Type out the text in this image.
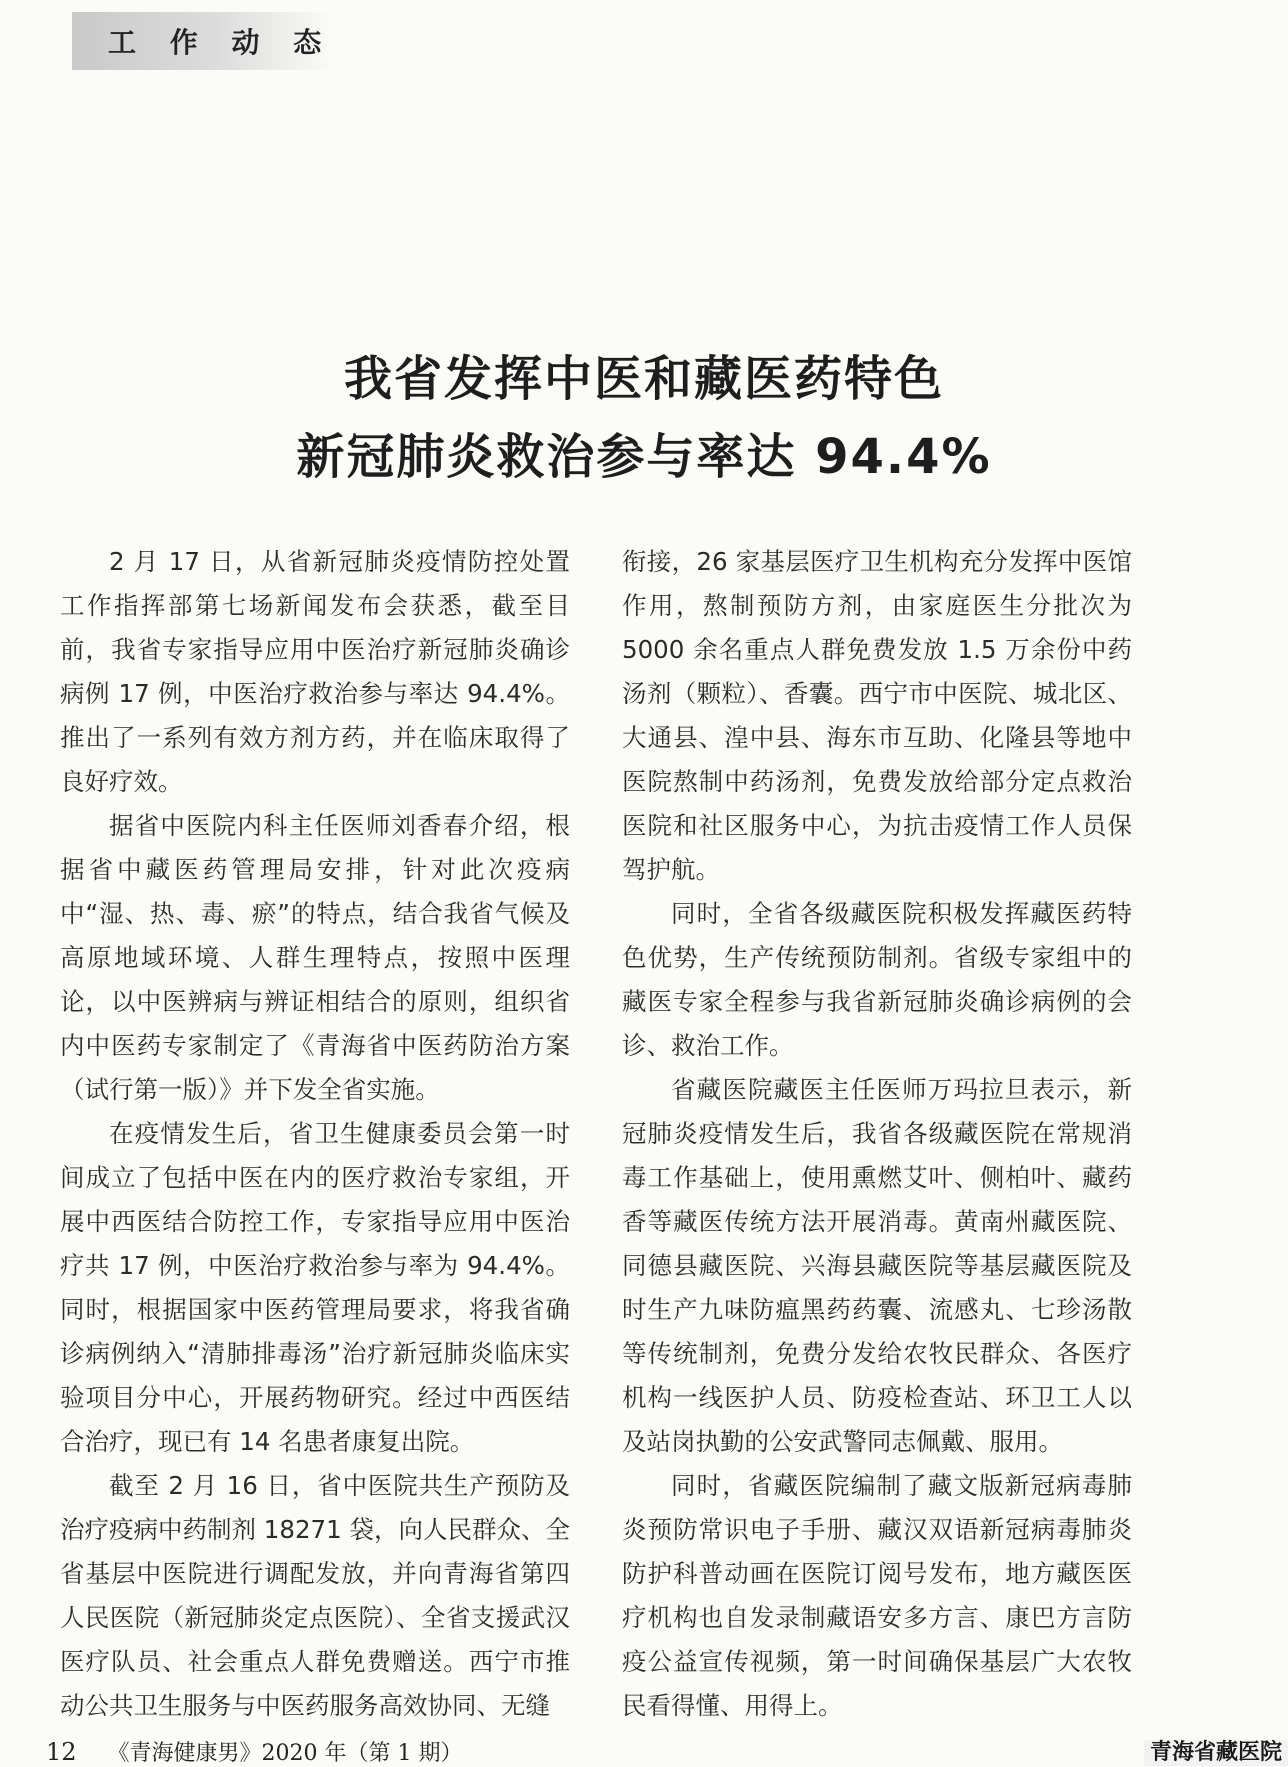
工 作 动 态
我省发挥中医和藏医药特色
新冠肺炎救治参与率达 94.4%

2 月 17 日，从省新冠肺炎疫情防控处置工作指挥部第七场新闻发布会获悉，截至目前，我省专家指导应用中医治疗新冠肺炎确诊病例 17 例，中医治疗救治参与率达 94.4%。推出了一系列有效方剂方药，并在临床取得了良好疗效。

据省中医院内科主任医师刘香春介绍，根据省中藏医药管理局安排，针对此次疫病中“湿、热、毒、瘀”的特点，结合我省气候及高原地域环境、人群生理特点，按照中医理论，以中医辨病与辨证相结合的原则，组织省内中医药专家制定了《青海省中医药防治方案（试行第一版）》并下发全省实施。

在疫情发生后，省卫生健康委员会第一时间成立了包括中医在内的医疗救治专家组，开展中西医结合防控工作，专家指导应用中医治疗共 17 例，中医治疗救治参与率为 94.4%。同时，根据国家中医药管理局要求，将我省确诊病例纳入“清肺排毒汤”治疗新冠肺炎临床实验项目分中心，开展药物研究。经过中西医结合治疗，现已有 14 名患者康复出院。

截至 2 月 16 日，省中医院共生产预防及治疗疫病中药制剂 18271 袋，向人民群众、全省基层中医院进行调配发放，并向青海省第四人民医院（新冠肺炎定点医院）、全省支援武汉医疗队员、社会重点人群免费赠送。西宁市推动公共卫生服务与中医药服务高效协同、无缝

衔接，26 家基层医疗卫生机构充分发挥中医馆作用，熬制预防方剂，由家庭医生分批次为 5000 余名重点人群免费发放 1.5 万余份中药汤剂（颗粒）、香囊。西宁市中医院、城北区、大通县、湟中县、海东市互助、化隆县等地中医院熬制中药汤剂，免费发放给部分定点救治医院和社区服务中心，为抗击疫情工作人员保驾护航。

同时，全省各级藏医院积极发挥藏医药特色优势，生产传统预防制剂。省级专家组中的藏医专家全程参与我省新冠肺炎确诊病例的会诊、救治工作。

省藏医院藏医主任医师万玛拉旦表示，新冠肺炎疫情发生后，我省各级藏医院在常规消毒工作基础上，使用熏燃艾叶、侧柏叶、藏药香等藏医传统方法开展消毒。黄南州藏医院、同德县藏医院、兴海县藏医院等基层藏医院及时生产九味防瘟黑药药囊、流感丸、七珍汤散等传统制剂，免费分发给农牧民群众、各医疗机构一线医护人员、防疫检查站、环卫工人以及站岗执勤的公安武警同志佩戴、服用。

同时，省藏医院编制了藏文版新冠病毒肺炎预防常识电子手册、藏汉双语新冠病毒肺炎防护科普动画在医院订阅号发布，地方藏医医疗机构也自发录制藏语安多方言、康巴方言防疫公益宣传视频，第一时间确保基层广大农牧民看得懂、用得上。

12 《青海健康男》2020 年（第 1 期）	青海省藏医院
